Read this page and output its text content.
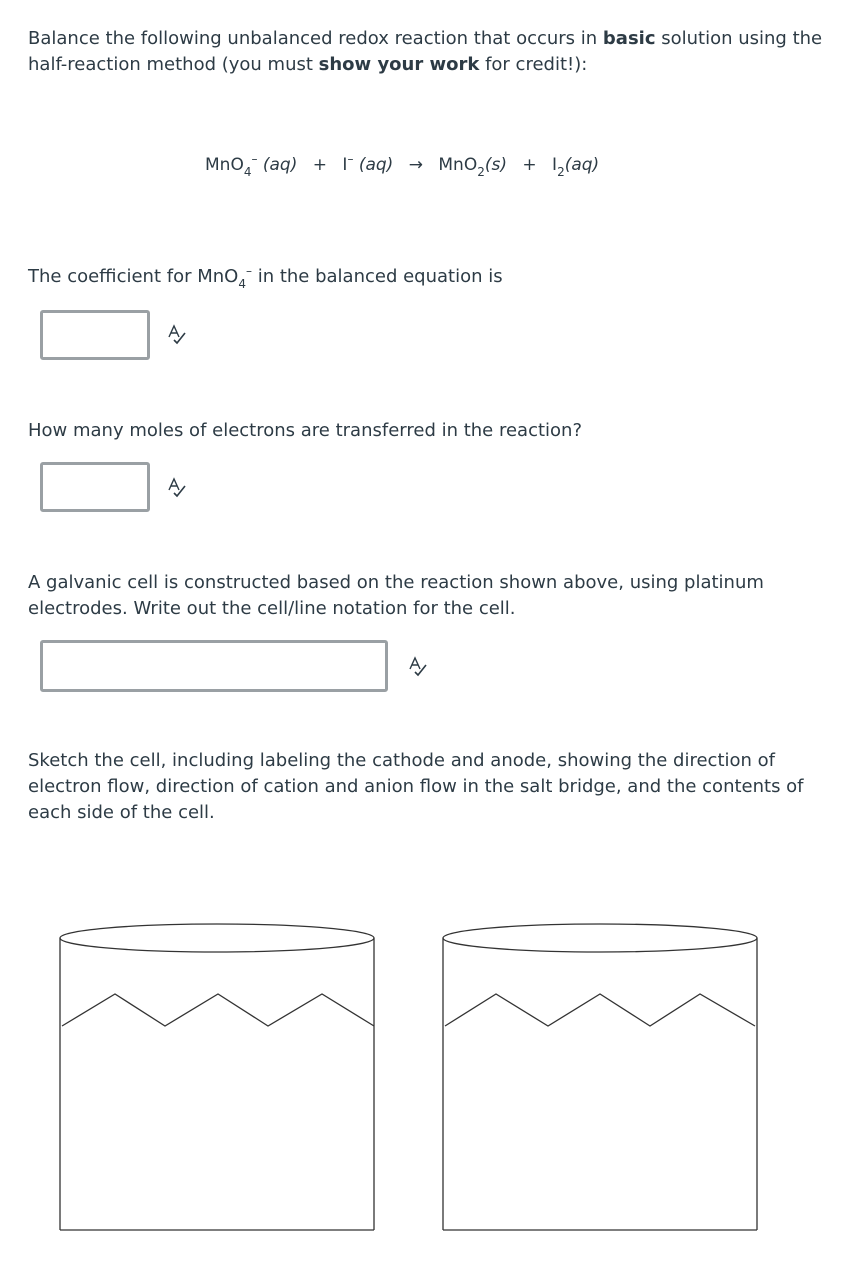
Balance the following unbalanced redox reaction that occurs in basic solution using the half-reaction method (you must show your work for credit!):
MnO$_4$– (aq) + I– $(aq) \to MnO_2(s) + I_2(aq)$
The coefficient for MnO$_4$– in the balanced equation is
How many moles of electrons are transferred in the reaction?
A galvanic cell is constructed based on the reaction shown above, using platinum electrodes. Write out the cell/line notation for the cell.
Sketch the cell, including labeling the cathode and anode, showing the direction of electron flow, direction of cation and anion flow in the salt bridge, and the contents of each side of the cell.
